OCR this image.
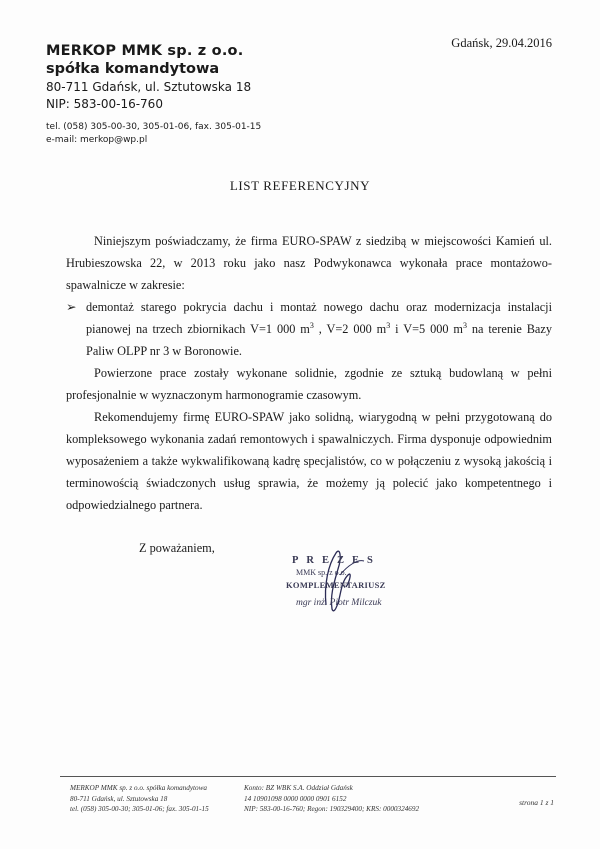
Gdańsk, 29.04.2016
MERKOP MMK sp. z o.o.
spółka komandytowa
80-711 Gdańsk, ul. Sztutowska 18
NIP: 583-00-16-760
tel. (058) 305-00-30, 305-01-06, fax. 305-01-15
e-mail: merkop@wp.pl
LIST REFERENCYJNY

Niniejszym poświadczamy, że firma EURO-SPAW z siedzibą w miejscowości Kamień ul. Hrubieszowska 22, w 2013 roku jako nasz Podwykonawca wykonała prace montażowo-spawalnicze w zakresie:

➢ demontaż starego pokrycia dachu i montaż nowego dachu oraz modernizacja instalacji pianowej na trzech zbiornikach V=1 000 $m^3$ , V=2 000 $m^3$ i V=5 000 $m^3$ na terenie Bazy Paliw OLPP nr 3 w Boronowie.

Powierzone prace zostały wykonane solidnie, zgodnie ze sztuką budowlaną w pełni profesjonalnie w wyznaczonym harmonogramie czasowym.

Rekomendujemy firmę EURO-SPAW jako solidną, wiarygodną w pełni przygotowaną do kompleksowego wykonania zadań remontowych i spawalniczych. Firma dysponuje odpowiednim wyposażeniem a także wykwalifikowaną kadrę specjalistów, co w połączeniu z wysoką jakością i terminowością świadczonych usług sprawia, że możemy ją polecić jako kompetentnego i odpowiedzialnego partnera.

Z poważaniem,
PREZES
MMK sp. z o.o.
KOMPLEMENTARIUSZ
mgr inż. Piotr Milczuk
MERKOP MMK sp. z o.o. spółka komandytowa
80-711 Gdańsk, ul. Sztutowska 18
tel. (058) 305-00-30; 305-01-06; fax. 305-01-15
Konto: BZ WBK S.A. Oddział Gdańsk
14 10901098 0000 0000 0901 6152
NIP: 583-00-16-760; Regon: 190329400; KRS: 0000324692
strona 1 z 1
